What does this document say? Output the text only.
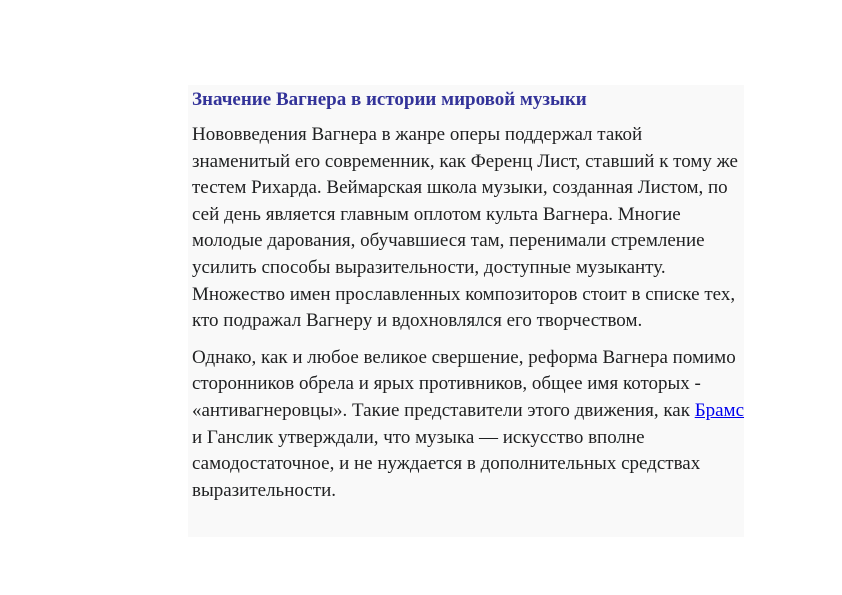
Значение Вагнера в истории мировой музыки

Нововведения Вагнера в жанре оперы поддержал такой знаменитый его современник, как Ференц Лист, ставший к тому же тестем Рихарда. Веймарская школа музыки, созданная Листом, по сей день является главным оплотом культа Вагнера. Многие молодые дарования, обучавшиеся там, перенимали стремление усилить способы выразительности, доступные музыканту. Множество имен прославленных композиторов стоит в списке тех, кто подражал Вагнеру и вдохновлялся его творчеством.

Однако, как и любое великое свершение, реформа Вагнера помимо сторонников обрела и ярых противников, общее имя которых - «антивагнеровцы». Такие представители этого движения, как Брамс и Ганслик утверждали, что музыка — искусство вполне самодостаточное, и не нуждается в дополнительных средствах выразительности.
